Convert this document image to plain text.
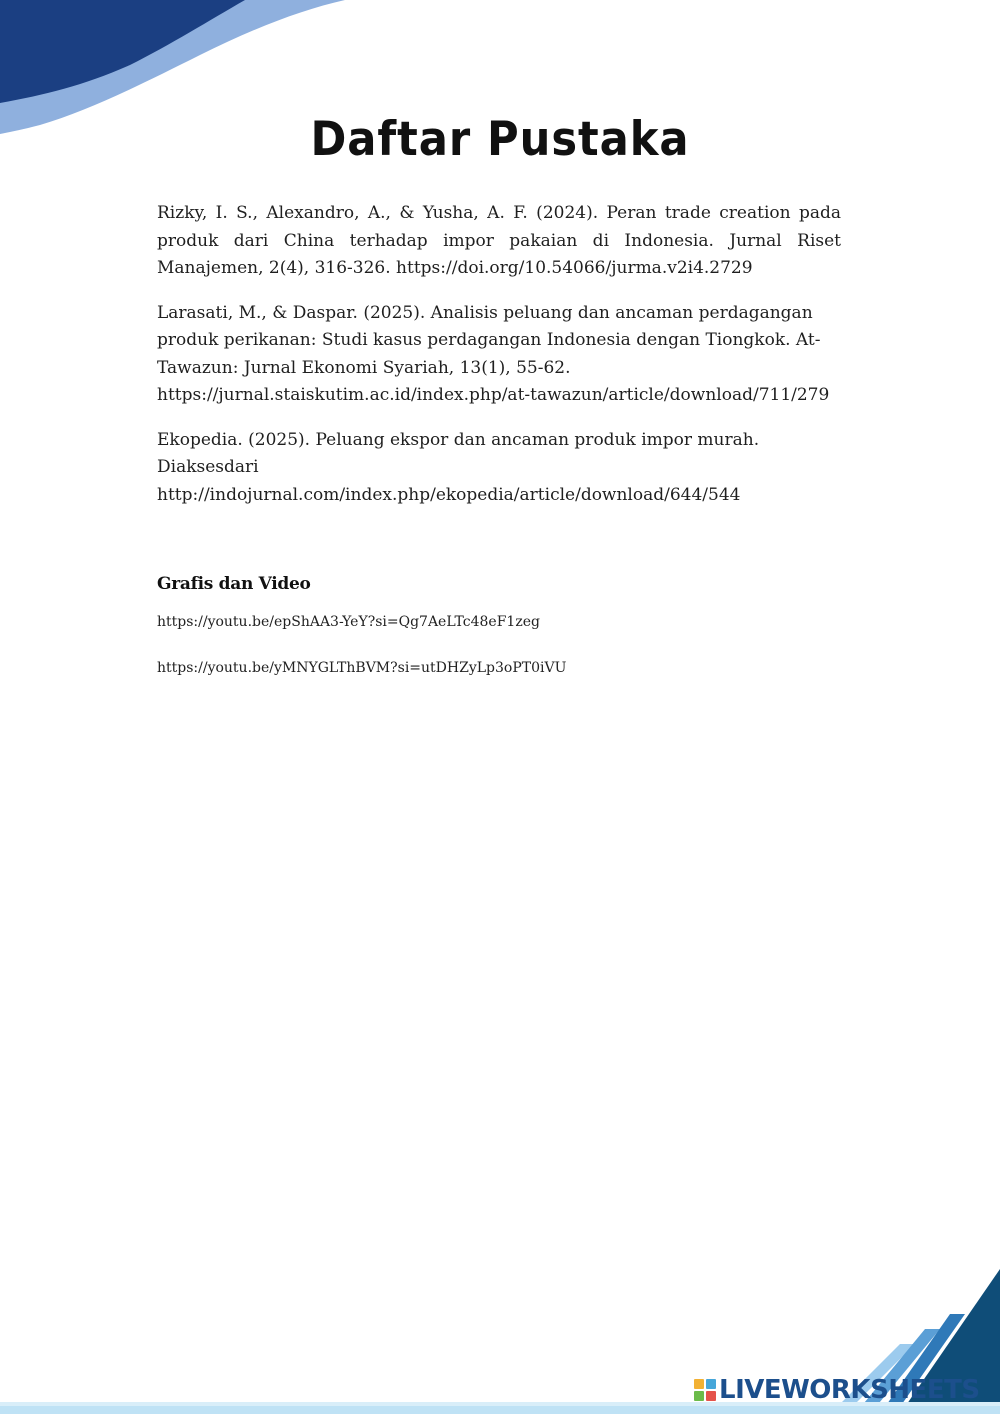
Daftar Pustaka

Rizky, I. S., Alexandro, A., & Yusha, A. F. (2024). Peran trade creation pada produk dari China terhadap impor pakaian di Indonesia. Jurnal Riset Manajemen, 2(4), 316-326. https://doi.org/10.54066/jurma.v2i4.2729

Larasati, M., & Daspar. (2025). Analisis peluang dan ancaman perdagangan produk perikanan: Studi kasus perdagangan Indonesia dengan Tiongkok. At-Tawazun: Jurnal Ekonomi Syariah, 13(1), 55-62. https://jurnal.staiskutim.ac.id/index.php/at-tawazun/article/download/711/279

Ekopedia. (2025). Peluang ekspor dan ancaman produk impor murah. Diaksesdari http://indojurnal.com/index.php/ekopedia/article/download/644/544

Grafis dan Video
https://youtu.be/epShAA3-YeY?si=Qg7AeLTc48eF1zeg
https://youtu.be/yMNYGLThBVM?si=utDHZyLp3oPT0iVU
LIVEWORKSHEETS
